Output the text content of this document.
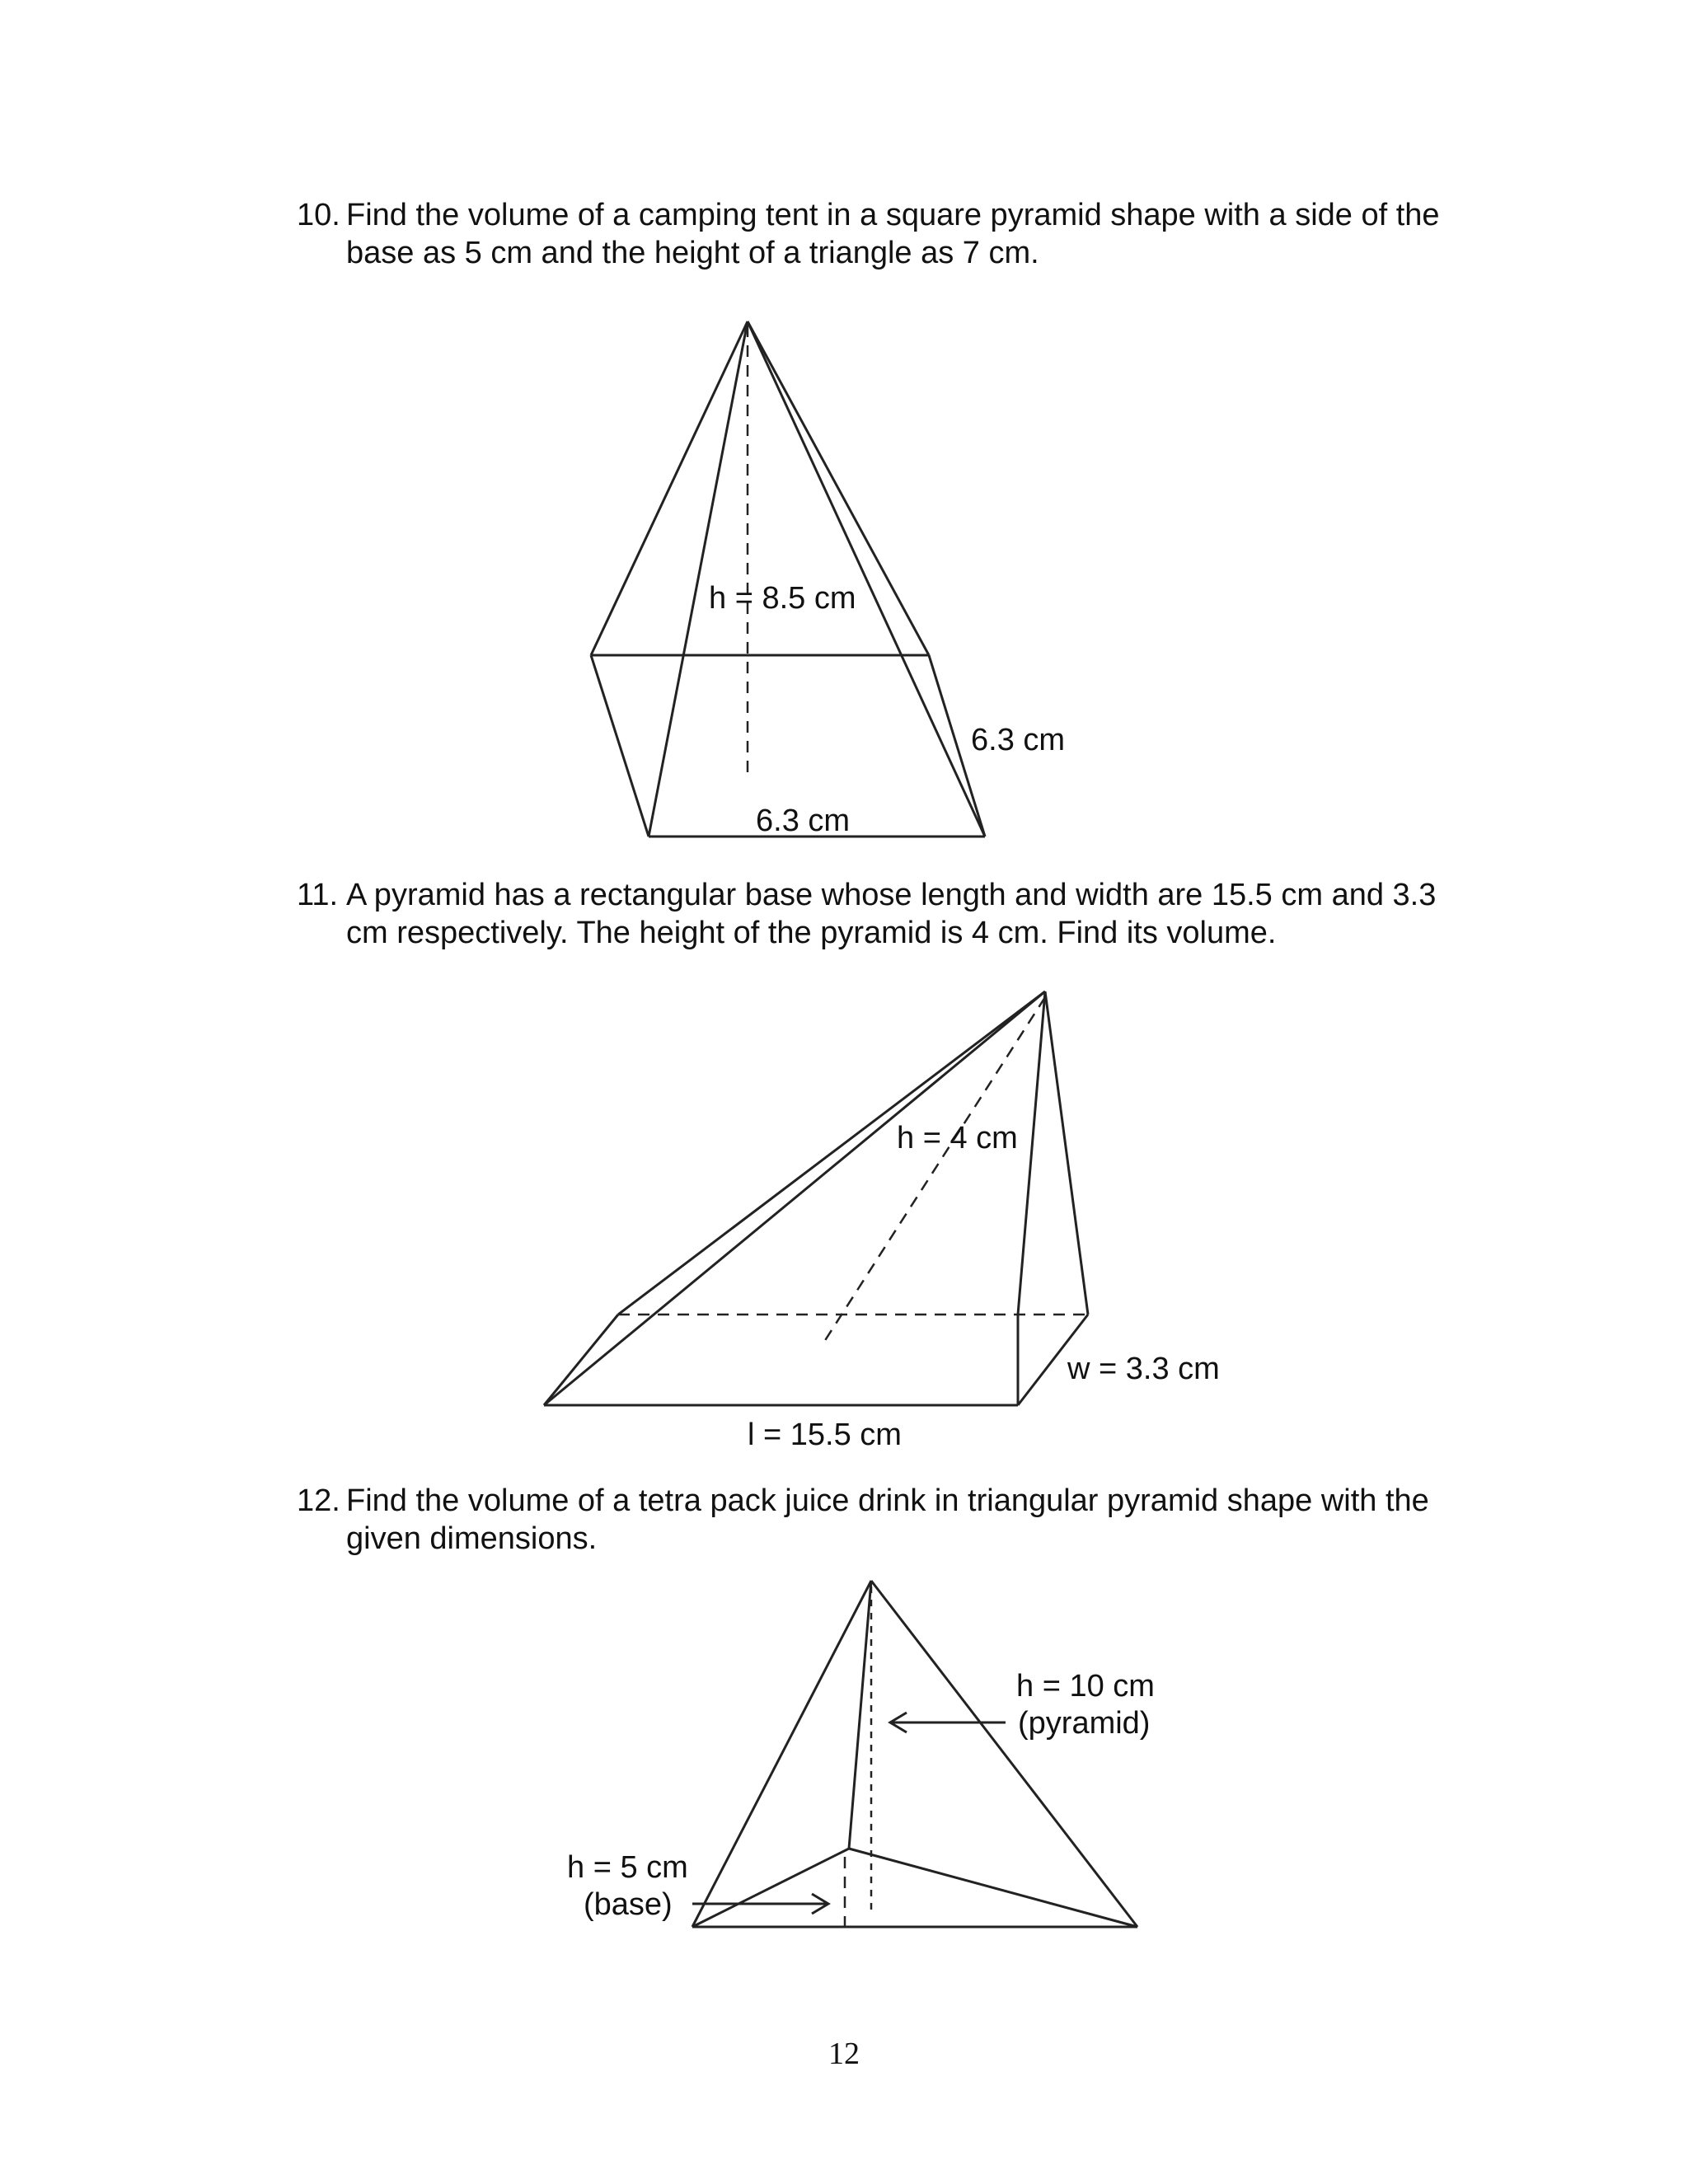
10. Find the volume of a camping tent in a square pyramid shape with a side of the base as 5 cm and the height of a triangle as 7 cm.
11. A pyramid has a rectangular base whose length and width are 15.5 cm and 3.3 cm respectively. The height of the pyramid is 4 cm. Find its volume.
12. Find the volume of a tetra pack juice drink in triangular pyramid shape with the given dimensions.
h = 8.5 cm
6.3 cm
6.3 cm
h = 4 cm
w = 3.3 cm
l = 15.5 cm
h = 10 cm
(pyramid)
h = 5 cm
(base)
12
